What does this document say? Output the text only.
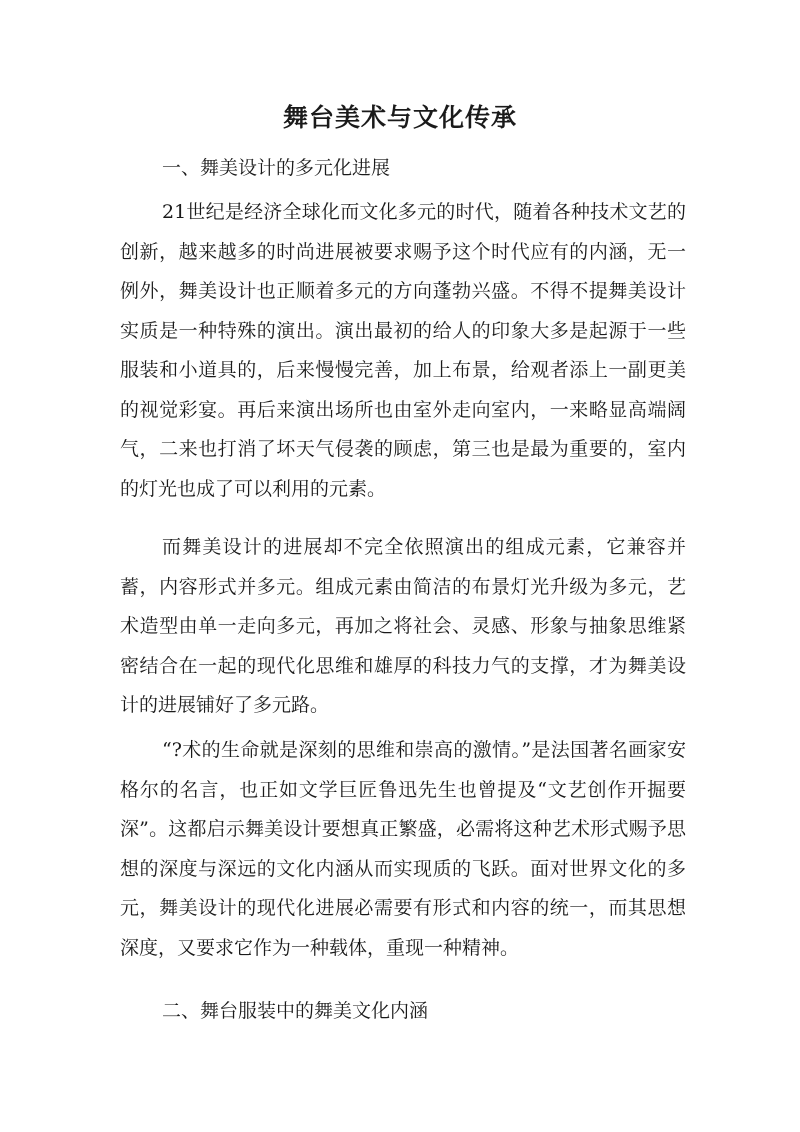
舞台美术与文化传承
一、舞美设计的多元化进展

21世纪是经济全球化而文化多元的时代，随着各种技术文艺的创新，越来越多的时尚进展被要求赐予这个时代应有的内涵，无一例外，舞美设计也正顺着多元的方向蓬勃兴盛。不得不提舞美设计实质是一种特殊的演出。演出最初的给人的印象大多是起源于一些服装和小道具的，后来慢慢完善，加上布景，给观者添上一副更美的视觉彩宴。再后来演出场所也由室外走向室内，一来略显高端阔气，二来也打消了坏天气侵袭的顾虑，第三也是最为重要的，室内的灯光也成了可以利用的元素。

而舞美设计的进展却不完全依照演出的组成元素，它兼容并蓄，内容形式并多元。组成元素由简洁的布景灯光升级为多元，艺术造型由单一走向多元，再加之将社会、灵感、形象与抽象思维紧密结合在一起的现代化思维和雄厚的科技力气的支撑，才为舞美设计的进展铺好了多元路。

“?术的生命就是深刻的思维和崇高的激情。”是法国著名画家安格尔的名言，也正如文学巨匠鲁迅先生也曾提及“文艺创作开掘要深”。这都启示舞美设计要想真正繁盛，必需将这种艺术形式赐予思想的深度与深远的文化内涵从而实现质的飞跃。面对世界文化的多元，舞美设计的现代化进展必需要有形式和内容的统一，而其思想深度，又要求它作为一种载体，重现一种精神。

二、舞台服装中的舞美文化内涵
